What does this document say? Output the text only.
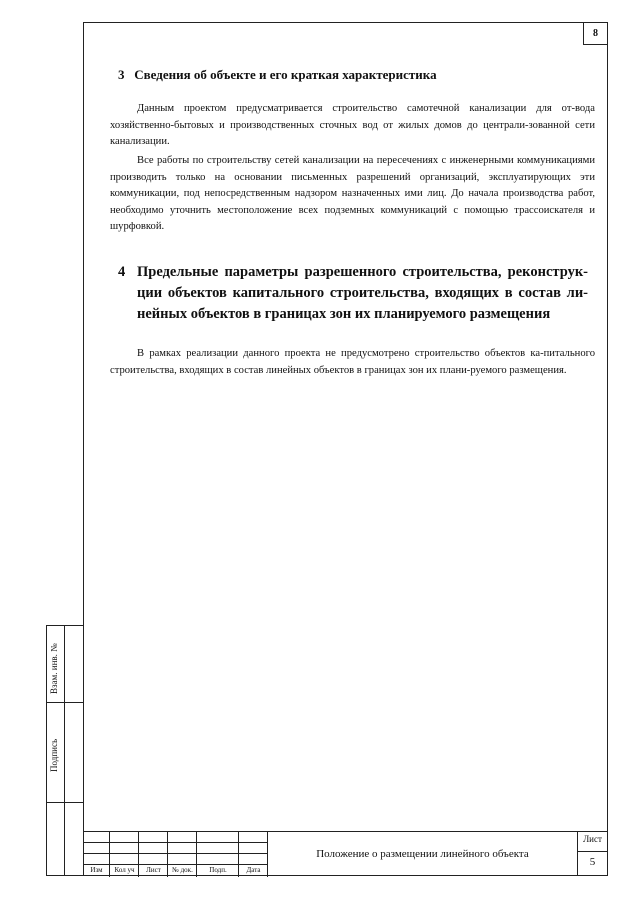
8
3 Сведения об объекте и его краткая характеристика
Данным проектом предусматривается строительство самотечной канализации для от-вода хозяйственно-бытовых и производственных сточных вод от жилых домов до централи-зованной сети канализации.
Все работы по строительству сетей канализации на пересечениях с инженерными коммуникациями производить только на основании письменных разрешений организаций, эксплуатирующих эти коммуникации, под непосредственным надзором назначенных ими лиц. До начала производства работ, необходимо уточнить местоположение всех подземных коммуникаций с помощью трассоискателя и шурфовкой.
4 Предельные параметры разрешенного строительства, реконструк-ции объектов капитального строительства, входящих в состав ли-нейных объектов в границах зон их планируемого размещения
В рамках реализации данного проекта не предусмотрено строительство объектов ка-питального строительства, входящих в состав линейных объектов в границах зон их плани-руемого размещения.
Взам. инв. №
Подпись
Изм	Кол уч	Лист	№ док.	Подп.	Дата
Положение о размещении линейного объекта
Лист
5
